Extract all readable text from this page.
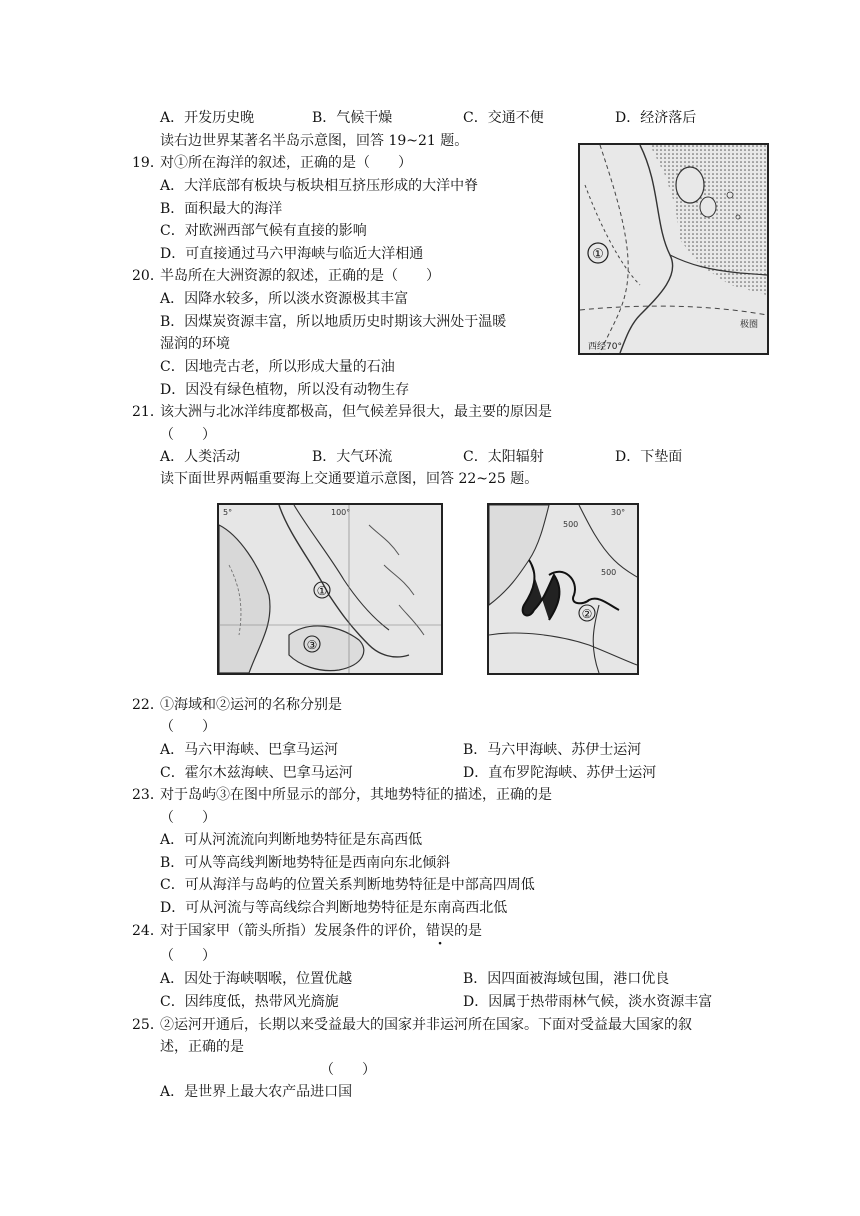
A．开发历史晚	B．气候干燥	C．交通不便	D．经济落后
读右边世界某著名半岛示意图，回答 19~21 题。
19．
对①所在海洋的叙述，正确的是（　　）
A．大洋底部有板块与板块相互挤压形成的大洋中脊
B．面积最大的海洋
C．对欧洲西部气候有直接的影响
D．可直接通过马六甲海峡与临近大洋相通
20．
半岛所在大洲资源的叙述，正确的是（　　）
A．因降水较多，所以淡水资源极其丰富
B．因煤炭资源丰富，所以地质历史时期该大洲处于温暖
湿润的环境
C．因地壳古老，所以形成大量的石油
D．因没有绿色植物，所以没有动物生存
21．
该大洲与北冰洋纬度都极高，但气候差异很大，最主要的原因是
（　　）
A．人类活动	B．大气环流	C．太阳辐射	D．下垫面
读下面世界两幅重要海上交通要道示意图，回答 22~25 题。
①
极圈
西经70°
①
③
5°	100°
②
500
500
30°
22．
①海域和②运河的名称分别是
（　　）
A．马六甲海峡、巴拿马运河	B．马六甲海峡、苏伊士运河
C．霍尔木兹海峡、巴拿马运河	D．直布罗陀海峡、苏伊士运河
23．
对于岛屿③在图中所显示的部分，其地势特征的描述，正确的是
（　　）
A．可从河流流向判断地势特征是东高西低
B．可从等高线判断地势特征是西南向东北倾斜
C．可从海洋与岛屿的位置关系判断地势特征是中部高四周低
D．可从河流与等高线综合判断地势特征是东南高西北低
24．
对于国家甲（箭头所指）发展条件的评价，错误的是
（　　）
A．因处于海峡咽喉，位置优越	B．因四面被海域包围，港口优良
C．因纬度低，热带风光旖旎	D．因属于热带雨林气候，淡水资源丰富
25．
②运河开通后，长期以来受益最大的国家并非运河所在国家。下面对受益最大国家的叙
述，正确的是
（　　）
A．是世界上最大农产品进口国
